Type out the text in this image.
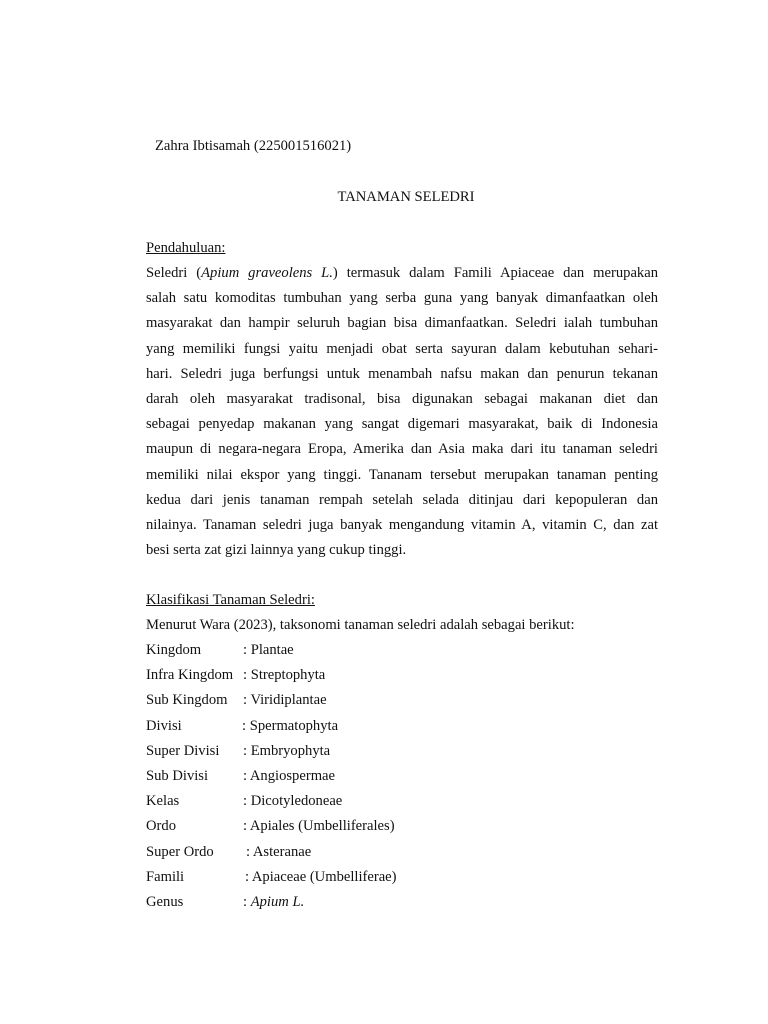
Zahra Ibtisamah (225001516021)
TANAMAN SELEDRI
Pendahuluan:
Seledri (Apium graveolens L.) termasuk dalam Famili Apiaceae dan merupakan
salah satu komoditas tumbuhan yang serba guna yang banyak dimanfaatkan oleh
masyarakat dan hampir seluruh bagian bisa dimanfaatkan. Seledri ialah tumbuhan
yang memiliki fungsi yaitu menjadi obat serta sayuran dalam kebutuhan sehari-
hari. Seledri juga berfungsi untuk menambah nafsu makan dan penurun tekanan
darah oleh masyarakat tradisonal, bisa digunakan sebagai makanan diet dan
sebagai penyedap makanan yang sangat digemari masyarakat, baik di Indonesia
maupun di negara-negara Eropa, Amerika dan Asia maka dari itu tanaman seledri
memiliki nilai ekspor yang tinggi. Tananam tersebut merupakan tanaman penting
kedua dari jenis tanaman rempah setelah selada ditinjau dari kepopuleran dan
nilainya. Tanaman seledri juga banyak mengandung vitamin A, vitamin C, dan zat
besi serta zat gizi lainnya yang cukup tinggi.
Klasifikasi Tanaman Seledri:
Menurut Wara (2023), taksonomi tanaman seledri adalah sebagai berikut:
Kingdom	: Plantae
Infra Kingdom : Streptophyta
Sub Kingdom : Viridiplantae
Divisi	: Spermatophyta
Super Divisi : Embryophyta
Sub Divisi : Angiospermae
Kelas	: Dicotyledoneae
Ordo	: Apiales (Umbelliferales)
Super Ordo : Asteranae
Famili	: Apiaceae (Umbelliferae)
Genus	: Apium L.
